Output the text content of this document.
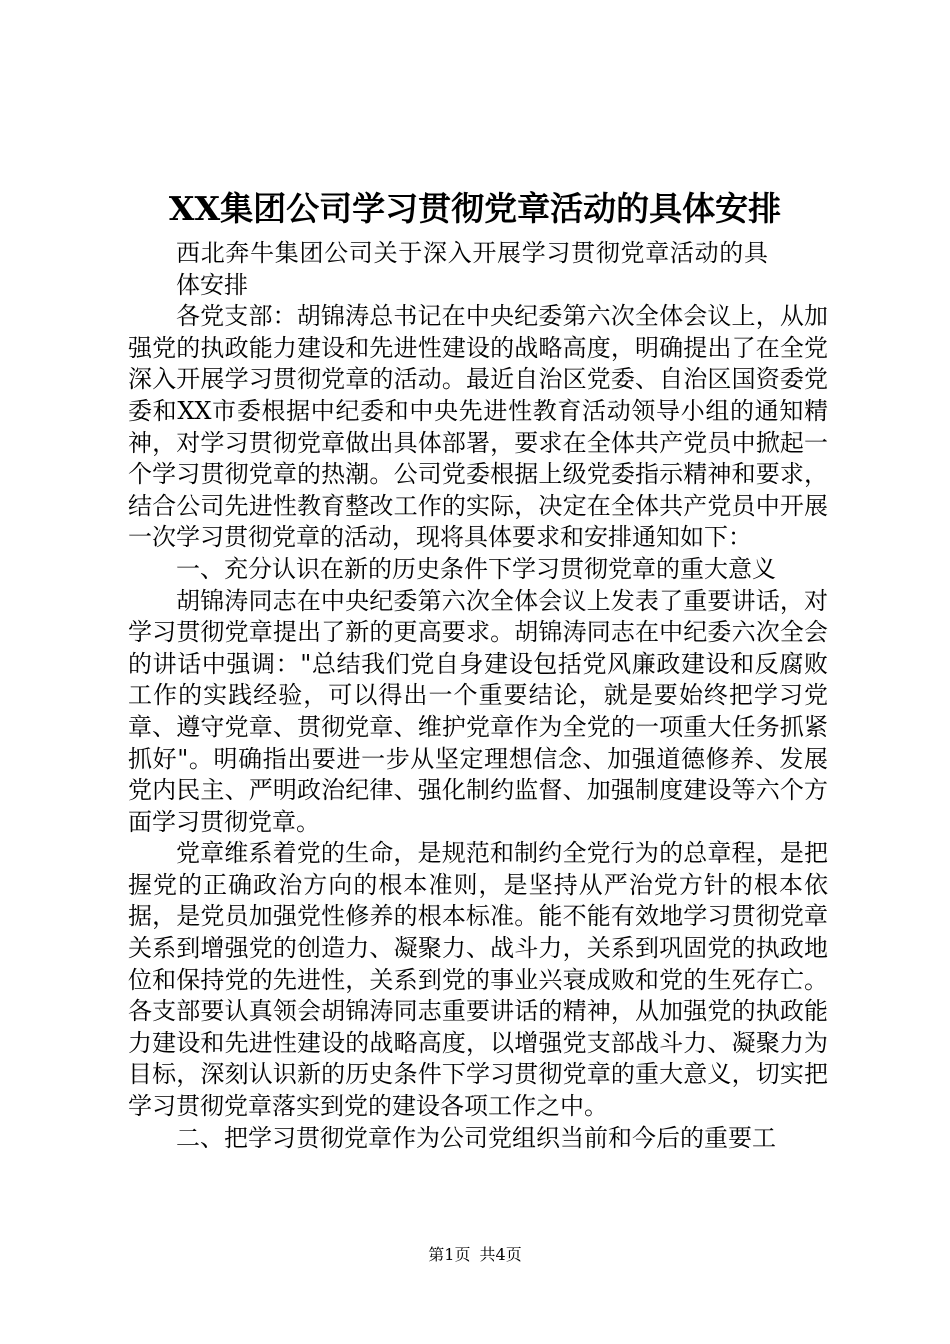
XX集团公司学习贯彻党章活动的具体安排

西北奔牛集团公司关于深入开展学习贯彻党章活动的具体安排

各党支部：胡锦涛总书记在中央纪委第六次全体会议上，从加强党的执政能力建设和先进性建设的战略高度，明确提出了在全党深入开展学习贯彻党章的活动。最近自治区党委、自治区国资委党委和XX市委根据中纪委和中央先进性教育活动领导小组的通知精神，对学习贯彻党章做出具体部署，要求在全体共产党员中掀起一个学习贯彻党章的热潮。公司党委根据上级党委指示精神和要求，结合公司先进性教育整改工作的实际，决定在全体共产党员中开展一次学习贯彻党章的活动，现将具体要求和安排通知如下：

一、充分认识在新的历史条件下学习贯彻党章的重大意义

胡锦涛同志在中央纪委第六次全体会议上发表了重要讲话，对学习贯彻党章提出了新的更高要求。胡锦涛同志在中纪委六次全会的讲话中强调："总结我们党自身建设包括党风廉政建设和反腐败工作的实践经验，可以得出一个重要结论，就是要始终把学习党章、遵守党章、贯彻党章、维护党章作为全党的一项重大任务抓紧抓好"。明确指出要进一步从坚定理想信念、加强道德修养、发展党内民主、严明政治纪律、强化制约监督、加强制度建设等六个方面学习贯彻党章。

党章维系着党的生命，是规范和制约全党行为的总章程，是把握党的正确政治方向的根本准则，是坚持从严治党方针的根本依据，是党员加强党性修养的根本标准。能不能有效地学习贯彻党章关系到增强党的创造力、凝聚力、战斗力，关系到巩固党的执政地位和保持党的先进性，关系到党的事业兴衰成败和党的生死存亡。各支部要认真领会胡锦涛同志重要讲话的精神，从加强党的执政能力建设和先进性建设的战略高度，以增强党支部战斗力、凝聚力为目标，深刻认识新的历史条件下学习贯彻党章的重大意义，切实把学习贯彻党章落实到党的建设各项工作之中。

二、把学习贯彻党章作为公司党组织当前和今后的重要工

第1页 共4页
